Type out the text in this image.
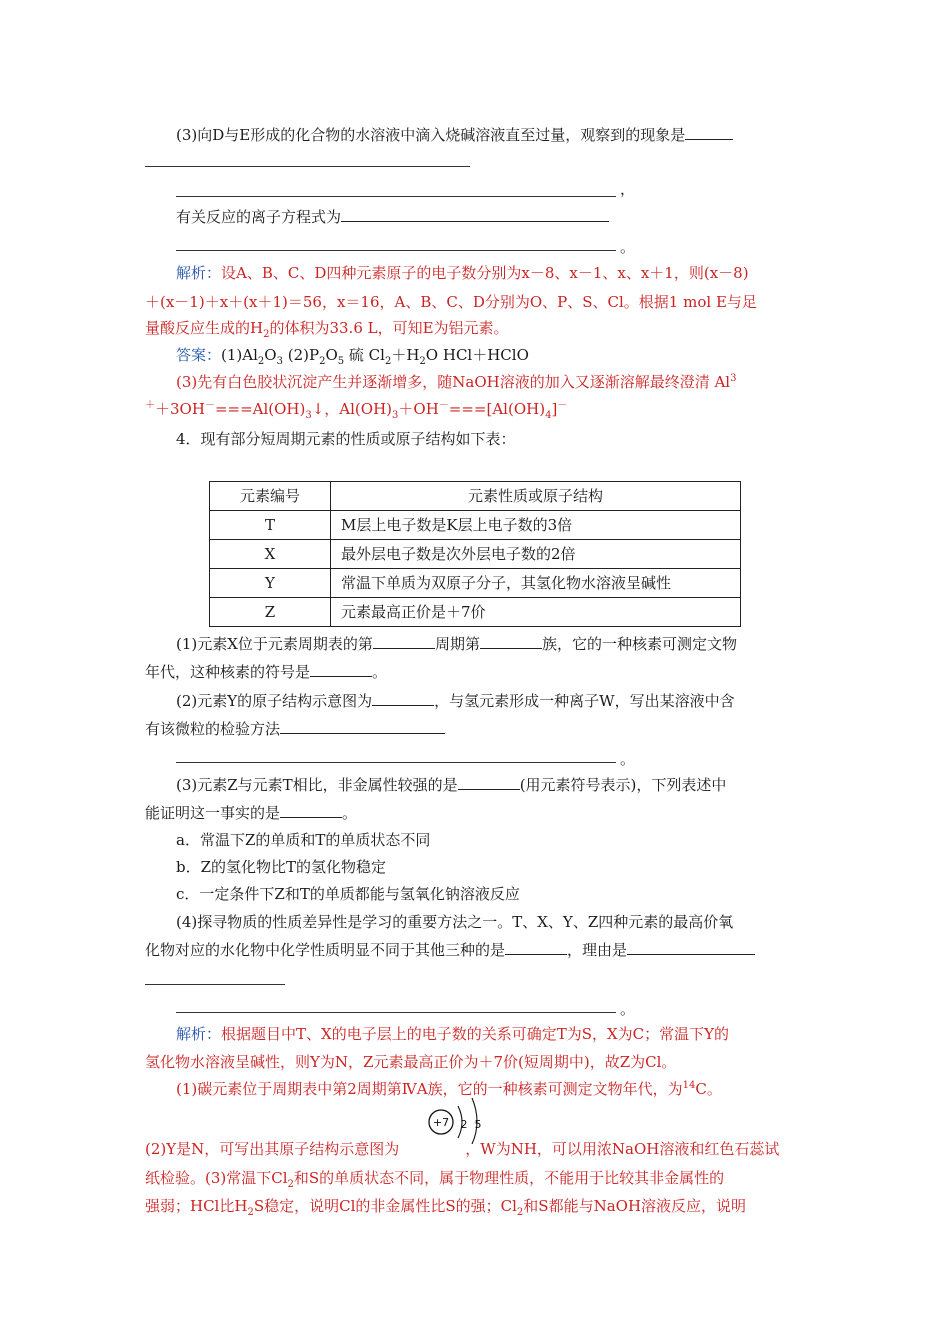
(3)向D与E形成的化合物的水溶液中滴入烧碱溶液直至过量，观察到的现象是
，
有关反应的离子方程式为
。
解析：设A、B、C、D四种元素原子的电子数分别为x－8、x－1、x、x＋1，则(x－8)
＋(x－1)＋x＋(x＋1)＝56，x＝16，A、B、C、D分别为O、P、S、Cl。根据1 mol E与足
量酸反应生成的$H_2$的体积为33.6 L，可知E为铝元素。
答案：$(1)Al_2O_3$ $(2)P_2O_5$ 硫 $Cl_2+H_2O$ HCl＋HClO
(3)先有白色胶状沉淀产生并逐渐增多，随NaOH溶液的加入又逐渐溶解最终澄清 Al$^3$
$^++3OH^-===Al(OH)_3↓$，$Al(OH)_3+OH^-===[Al(OH)_4]^-$
4．现有部分短周期元素的性质或原子结构如下表：
元素编号	元素性质或原子结构
T	M层上电子数是K层上电子数的3倍
X	最外层电子数是次外层电子数的2倍
Y	常温下单质为双原子分子，其氢化物水溶液呈碱性
Z	元素最高正价是＋7价
(1)元素X位于元素周期表的第	周期第	族，它的一种核素可测定文物
年代，这种核素的符号是	。
(2)元素Y的原子结构示意图为	，与氢元素形成一种离子W，写出某溶液中含
有该微粒的检验方法
。
(3)元素Z与元素T相比，非金属性较强的是	(用元素符号表示)，下列表述中
能证明这一事实的是	。
a．常温下Z的单质和T的单质状态不同
b．Z的氢化物比T的氢化物稳定
c．一定条件下Z和T的单质都能与氢氧化钠溶液反应
(4)探寻物质的性质差异性是学习的重要方法之一。T、X、Y、Z四种元素的最高价氧
化物对应的水化物中化学性质明显不同于其他三种的是	，理由是
。
解析：根据题目中T、X的电子层上的电子数的关系可确定T为S，X为C；常温下Y的
氢化物水溶液呈碱性，则Y为N，Z元素最高正价为＋7价(短周期中)，故Z为Cl。
(1)碳元素位于周期表中第2周期第ⅣA族，它的一种核素可测定文物年代，为$^{14}$C。
(2)Y是N，可写出其原子结构示意图为	，W为NH，可以用浓NaOH溶液和红色石蕊试
+7 2 5
纸检验。(3)常温下$Cl_2$和S的单质状态不同，属于物理性质，不能用于比较其非金属性的
强弱；HCl比$H_2S$稳定，说明Cl的非金属性比S的强；$Cl_2$和S都能与NaOH溶液反应，说明
